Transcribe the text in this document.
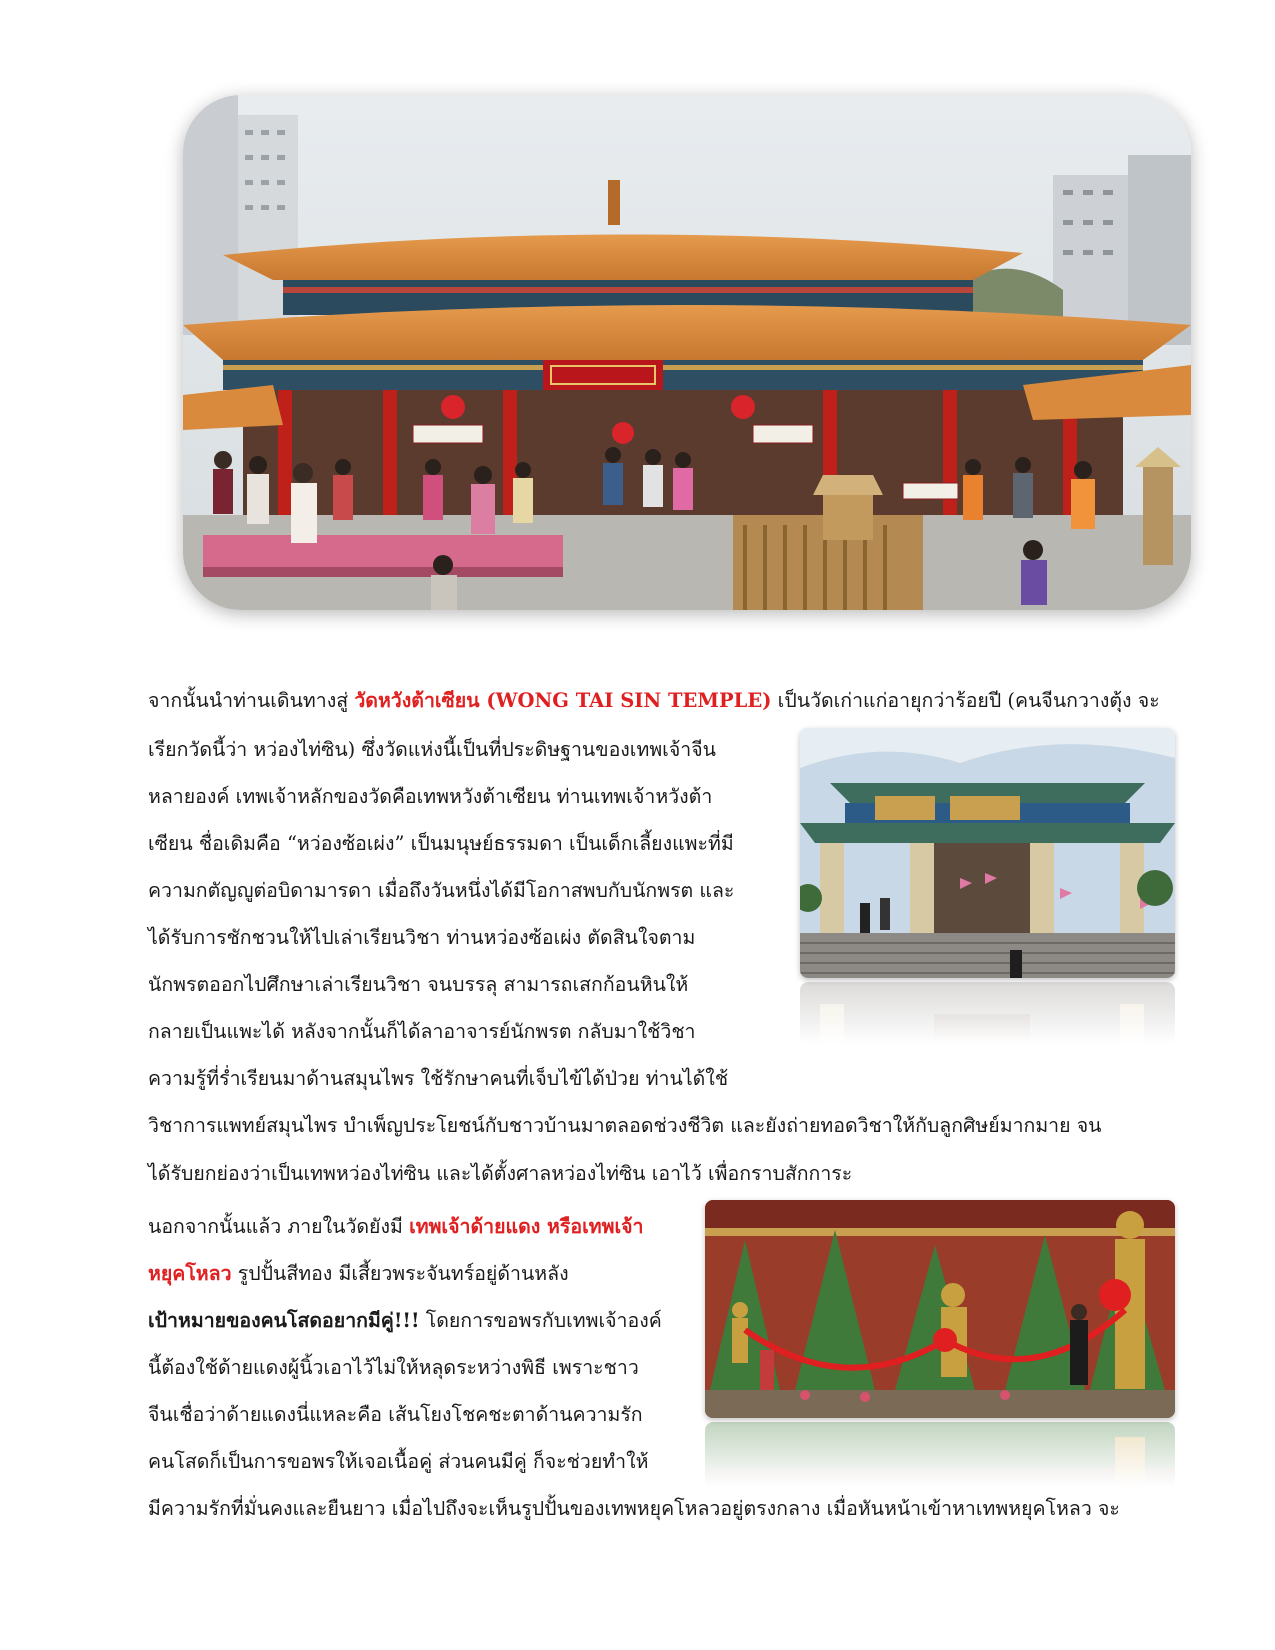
จากนั้นนำท่านเดินทางสู่ วัดหวังต้าเซียน (WONG TAI SIN TEMPLE) เป็นวัดเก่าแก่อายุกว่าร้อยปี (คนจีนกวางตุ้ง จะ

เรียกวัดนี้ว่า หว่องไท่ซิน) ซึ่งวัดแห่งนี้เป็นที่ประดิษฐานของเทพเจ้าจีน

หลายองค์ เทพเจ้าหลักของวัดคือเทพหวังต้าเซียน ท่านเทพเจ้าหวังต้า

เซียน ชื่อเดิมคือ “หว่องซ้อเผ่ง” เป็นมนุษย์ธรรมดา เป็นเด็กเลี้ยงแพะที่มี

ความกตัญญูต่อบิดามารดา เมื่อถึงวันหนึ่งได้มีโอกาสพบกับนักพรต และ

ได้รับการชักชวนให้ไปเล่าเรียนวิชา ท่านหว่องซ้อเผ่ง ตัดสินใจตาม

นักพรตออกไปศึกษาเล่าเรียนวิชา จนบรรลุ สามารถเสกก้อนหินให้

กลายเป็นแพะได้ หลังจากนั้นก็ได้ลาอาจารย์นักพรต กลับมาใช้วิชา

ความรู้ที่ร่ำเรียนมาด้านสมุนไพร ใช้รักษาคนที่เจ็บไข้ได้ป่วย ท่านได้ใช้

วิชาการแพทย์สมุนไพร บำเพ็ญประโยชน์กับชาวบ้านมาตลอดช่วงชีวิต และยังถ่ายทอดวิชาให้กับลูกศิษย์มากมาย จน

ได้รับยกย่องว่าเป็นเทพหว่องไท่ซิน และได้ตั้งศาลหว่องไท่ซิน เอาไว้ เพื่อกราบสักการะ

นอกจากนั้นแล้ว ภายในวัดยังมี เทพเจ้าด้ายแดง หรือเทพเจ้า

หยุคโหลว รูปปั้นสีทอง มีเสี้ยวพระจันทร์อยู่ด้านหลัง

เป้าหมายของคนโสดอยากมีคู่!!! โดยการขอพรกับเทพเจ้าองค์

นี้ต้องใช้ด้ายแดงผู้นิ้วเอาไว้ไม่ให้หลุดระหว่างพิธี เพราะชาว

จีนเชื่อว่าด้ายแดงนี่แหละคือ เส้นโยงโชคชะตาด้านความรัก

คนโสดก็เป็นการขอพรให้เจอเนื้อคู่ ส่วนคนมีคู่ ก็จะช่วยทำให้

มีความรักที่มั่นคงและยืนยาว เมื่อไปถึงจะเห็นรูปปั้นของเทพหยุคโหลวอยู่ตรงกลาง เมื่อหันหน้าเข้าหาเทพหยุคโหลว จะ
